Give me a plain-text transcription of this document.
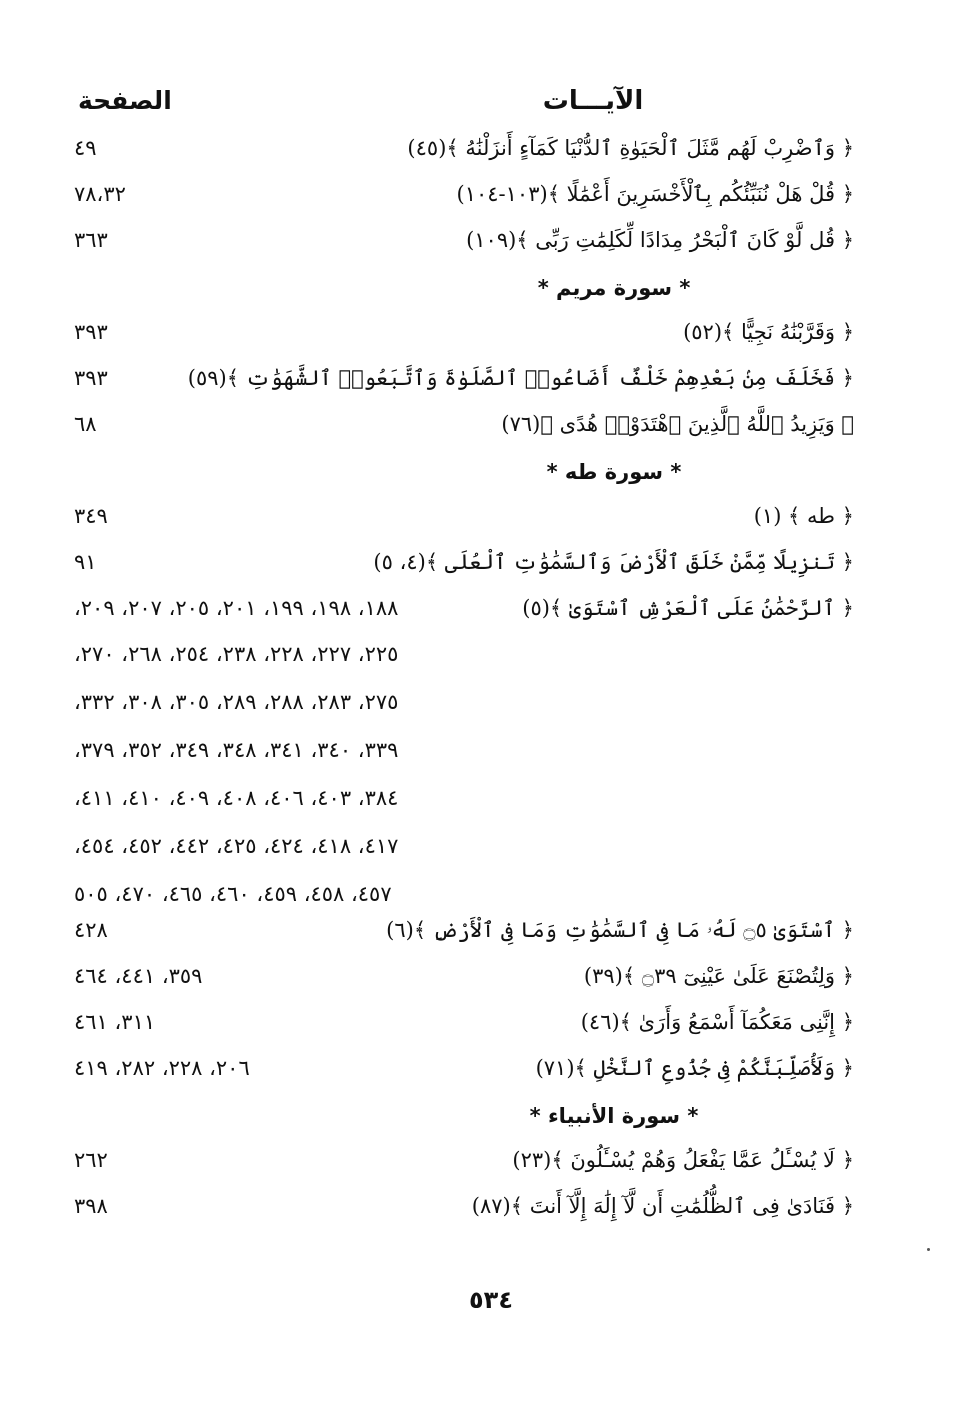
الصفحة	الآيـــات
٤٩	﴿ وَٱضْرِبْ لَهُم مَّثَلَ ٱلْحَيَوٰةِ ٱلدُّنْيَا كَمَآءٍ أَنزَلْنَٰهُ ﴾(٤٥)
٧٨،٣٢	﴿ قُلْ هَلْ نُنَبِّئُكُم بِٱلْأَخْسَرِينَ أَعْمَٰلًا ﴾(١٠٣-١٠٤)
٣٦٣	﴿ قُل لَّوْ كَانَ ٱلْبَحْرُ مِدَادًا لِّكَلِمَٰتِ رَبِّى ﴾(١٠٩)
* سورة مريم *
٣٩٣	﴿ وَقَرَّبْنَٰهُ نَجِيًّا ﴾(٥٢)
٣٩٣	﴿ فَخَلَفَ مِنۢ بَعْدِهِمْ خَلْفٌ أَضَاعُوا۟ ٱلصَّلَوٰةَ وَٱتَّبَعُوا۟ ٱلشَّهَوَٰتِ ﴾(٥٩)
٦٨	﴿ وَيَزِيدُ ٱللَّهُ ٱلَّذِينَ ٱهْتَدَوْا۟ هُدًى ﴾(٧٦)
* سورة طه *
٣٤٩	﴿ طه ﴾ (١)
٩١	﴿ تَنزِيلًا مِّمَّنْ خَلَقَ ٱلْأَرْضَ وَٱلسَّمَٰوَٰتِ ٱلْعُلَى ﴾(٤، ٥)
١٨٨، ١٩٨، ١٩٩، ٢٠١، ٢٠٥، ٢٠٧، ٢٠٩،	﴿ ٱلرَّحْمَٰنُ عَلَى ٱلْعَرْشِ ٱسْتَوَىٰ ﴾(٥)
٢٢٥، ٢٢٧، ٢٢٨، ٢٣٨، ٢٥٤، ٢٦٨، ٢٧٠،
٢٧٥، ٢٨٣، ٢٨٨، ٢٨٩، ٣٠٥، ٣٠٨، ٣٣٢،
٣٣٩، ٣٤٠، ٣٤١، ٣٤٨، ٣٤٩، ٣٥٢، ٣٧٩،
٣٨٤، ٤٠٣، ٤٠٦، ٤٠٨، ٤٠٩، ٤١٠، ٤١١،
٤١٧، ٤١٨، ٤٢٤، ٤٢٥، ٤٤٢، ٤٥٢، ٤٥٤،
٤٥٧، ٤٥٨، ٤٥٩، ٤٦٠، ٤٦٥، ٤٧٠، ٥٠٥
٤٢٨	﴿ ٱسْتَوَىٰ ۝٥ لَهُۥ مَا فِى ٱلسَّمَٰوَٰتِ وَمَا فِى ٱلْأَرْضِ ﴾(٦)
٣٥٩، ٤٤١، ٤٦٤	﴿ وَلِتُصْنَعَ عَلَىٰ عَيْنِىٓ ۝٣٩ ﴾(٣٩)
٣١١، ٤٦١	﴿ إِنَّنِى مَعَكُمَآ أَسْمَعُ وَأَرَىٰ ﴾(٤٦)
٢٠٦، ٢٢٨، ٢٨٢، ٤١٩	﴿ وَلَأُصَلِّبَنَّكُمْ فِى جُذُوعِ ٱلنَّخْلِ ﴾(٧١)
* سورة الأنبياء *
٢٦٢	﴿ لَا يُسْـَٔلُ عَمَّا يَفْعَلُ وَهُمْ يُسْـَٔلُونَ ﴾(٢٣)
٣٩٨	﴿ فَنَادَىٰ فِى ٱلظُّلُمَٰتِ أَن لَّآ إِلَٰهَ إِلَّآ أَنتَ ﴾(٨٧)
٥٣٤
